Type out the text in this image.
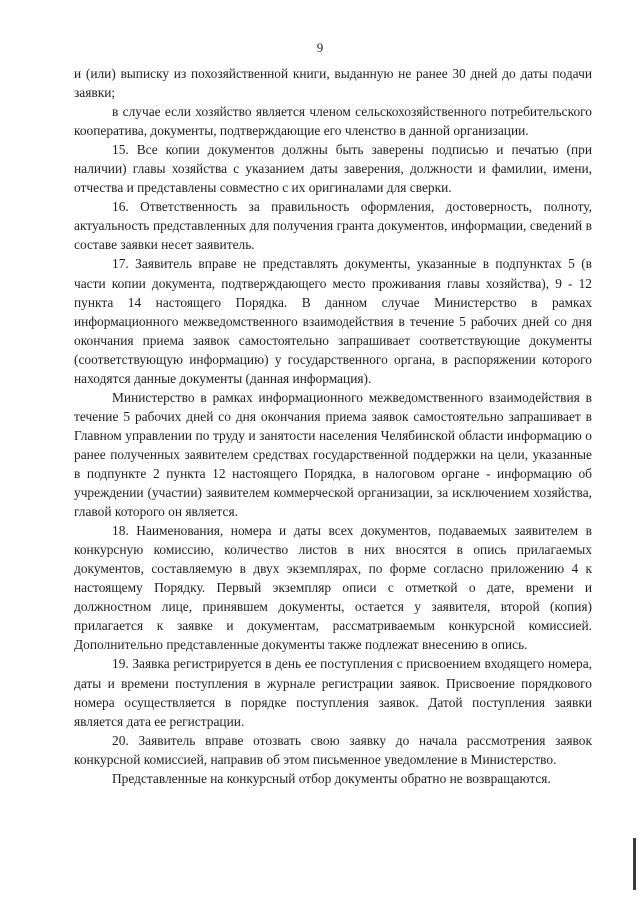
9

и (или) выписку из похозяйственной книги, выданную не ранее 30 дней до даты подачи заявки;

в случае если хозяйство является членом сельскохозяйственного потребительского кооператива, документы, подтверждающие его членство в данной организации.

15. Все копии документов должны быть заверены подписью и печатью (при наличии) главы хозяйства с указанием даты заверения, должности и фамилии, имени, отчества и представлены совместно с их оригиналами для сверки.

16. Ответственность за правильность оформления, достоверность, полноту, актуальность представленных для получения гранта документов, информации, сведений в составе заявки несет заявитель.

17. Заявитель вправе не представлять документы, указанные в подпунктах 5 (в части копии документа, подтверждающего место проживания главы хозяйства), 9 - 12 пункта 14 настоящего Порядка. В данном случае Министерство в рамках информационного межведомственного взаимодействия в течение 5 рабочих дней со дня окончания приема заявок самостоятельно запрашивает соответствующие документы (соответствующую информацию) у государственного органа, в распоряжении которого находятся данные документы (данная информация).

Министерство в рамках информационного межведомственного взаимодействия в течение 5 рабочих дней со дня окончания приема заявок самостоятельно запрашивает в Главном управлении по труду и занятости населения Челябинской области информацию о ранее полученных заявителем средствах государственной поддержки на цели, указанные в подпункте 2 пункта 12 настоящего Порядка, в налоговом органе - информацию об учреждении (участии) заявителем коммерческой организации, за исключением хозяйства, главой которого он является.

18. Наименования, номера и даты всех документов, подаваемых заявителем в конкурсную комиссию, количество листов в них вносятся в опись прилагаемых документов, составляемую в двух экземплярах, по форме согласно приложению 4 к настоящему Порядку. Первый экземпляр описи с отметкой о дате, времени и должностном лице, принявшем документы, остается у заявителя, второй (копия) прилагается к заявке и документам, рассматриваемым конкурсной комиссией. Дополнительно представленные документы также подлежат внесению в опись.

19. Заявка регистрируется в день ее поступления с присвоением входящего номера, даты и времени поступления в журнале регистрации заявок. Присвоение порядкового номера осуществляется в порядке поступления заявок. Датой поступления заявки является дата ее регистрации.

20. Заявитель вправе отозвать свою заявку до начала рассмотрения заявок конкурсной комиссией, направив об этом письменное уведомление в Министерство.

Представленные на конкурсный отбор документы обратно не возвращаются.
